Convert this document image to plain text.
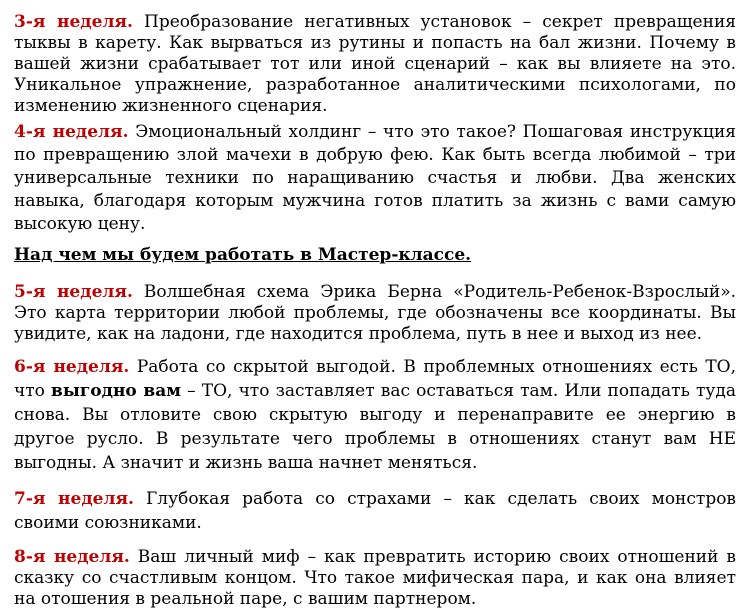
3-я неделя. Преобразование негативных установок – секрет превращения тыквы в карету. Как вырваться из рутины и попасть на бал жизни. Почему в вашей жизни срабатывает тот или иной сценарий – как вы влияете на это. Уникальное упражнение, разработанное аналитическими психологами, по изменению жизненного сценария.

4-я неделя. Эмоциональный холдинг – что это такое? Пошаговая инструкция по превращению злой мачехи в добрую фею. Как быть всегда любимой – три универсальные техники по наращиванию счастья и любви. Два женских навыка, благодаря которым мужчина готов платить за жизнь с вами самую высокую цену.

Над чем мы будем работать в Мастер-классе.

5-я неделя. Волшебная схема Эрика Берна «Родитель-Ребенок-Взрослый». Это карта территории любой проблемы, где обозначены все координаты. Вы увидите, как на ладони, где находится проблема, путь в нее и выход из нее.

6-я неделя. Работа со скрытой выгодой. В проблемных отношениях есть ТО, что выгодно вам – ТО, что заставляет вас оставаться там. Или попадать туда снова. Вы отловите свою скрытую выгоду и перенаправите ее энергию в другое русло. В результате чего проблемы в отношениях станут вам НЕ выгодны. А значит и жизнь ваша начнет меняться.

7-я неделя. Глубокая работа со страхами – как сделать своих монстров своими союзниками.

8-я неделя. Ваш личный миф – как превратить историю своих отношений в сказку со счастливым концом. Что такое мифическая пара, и как она влияет на отошения в реальной паре, с вашим партнером.
